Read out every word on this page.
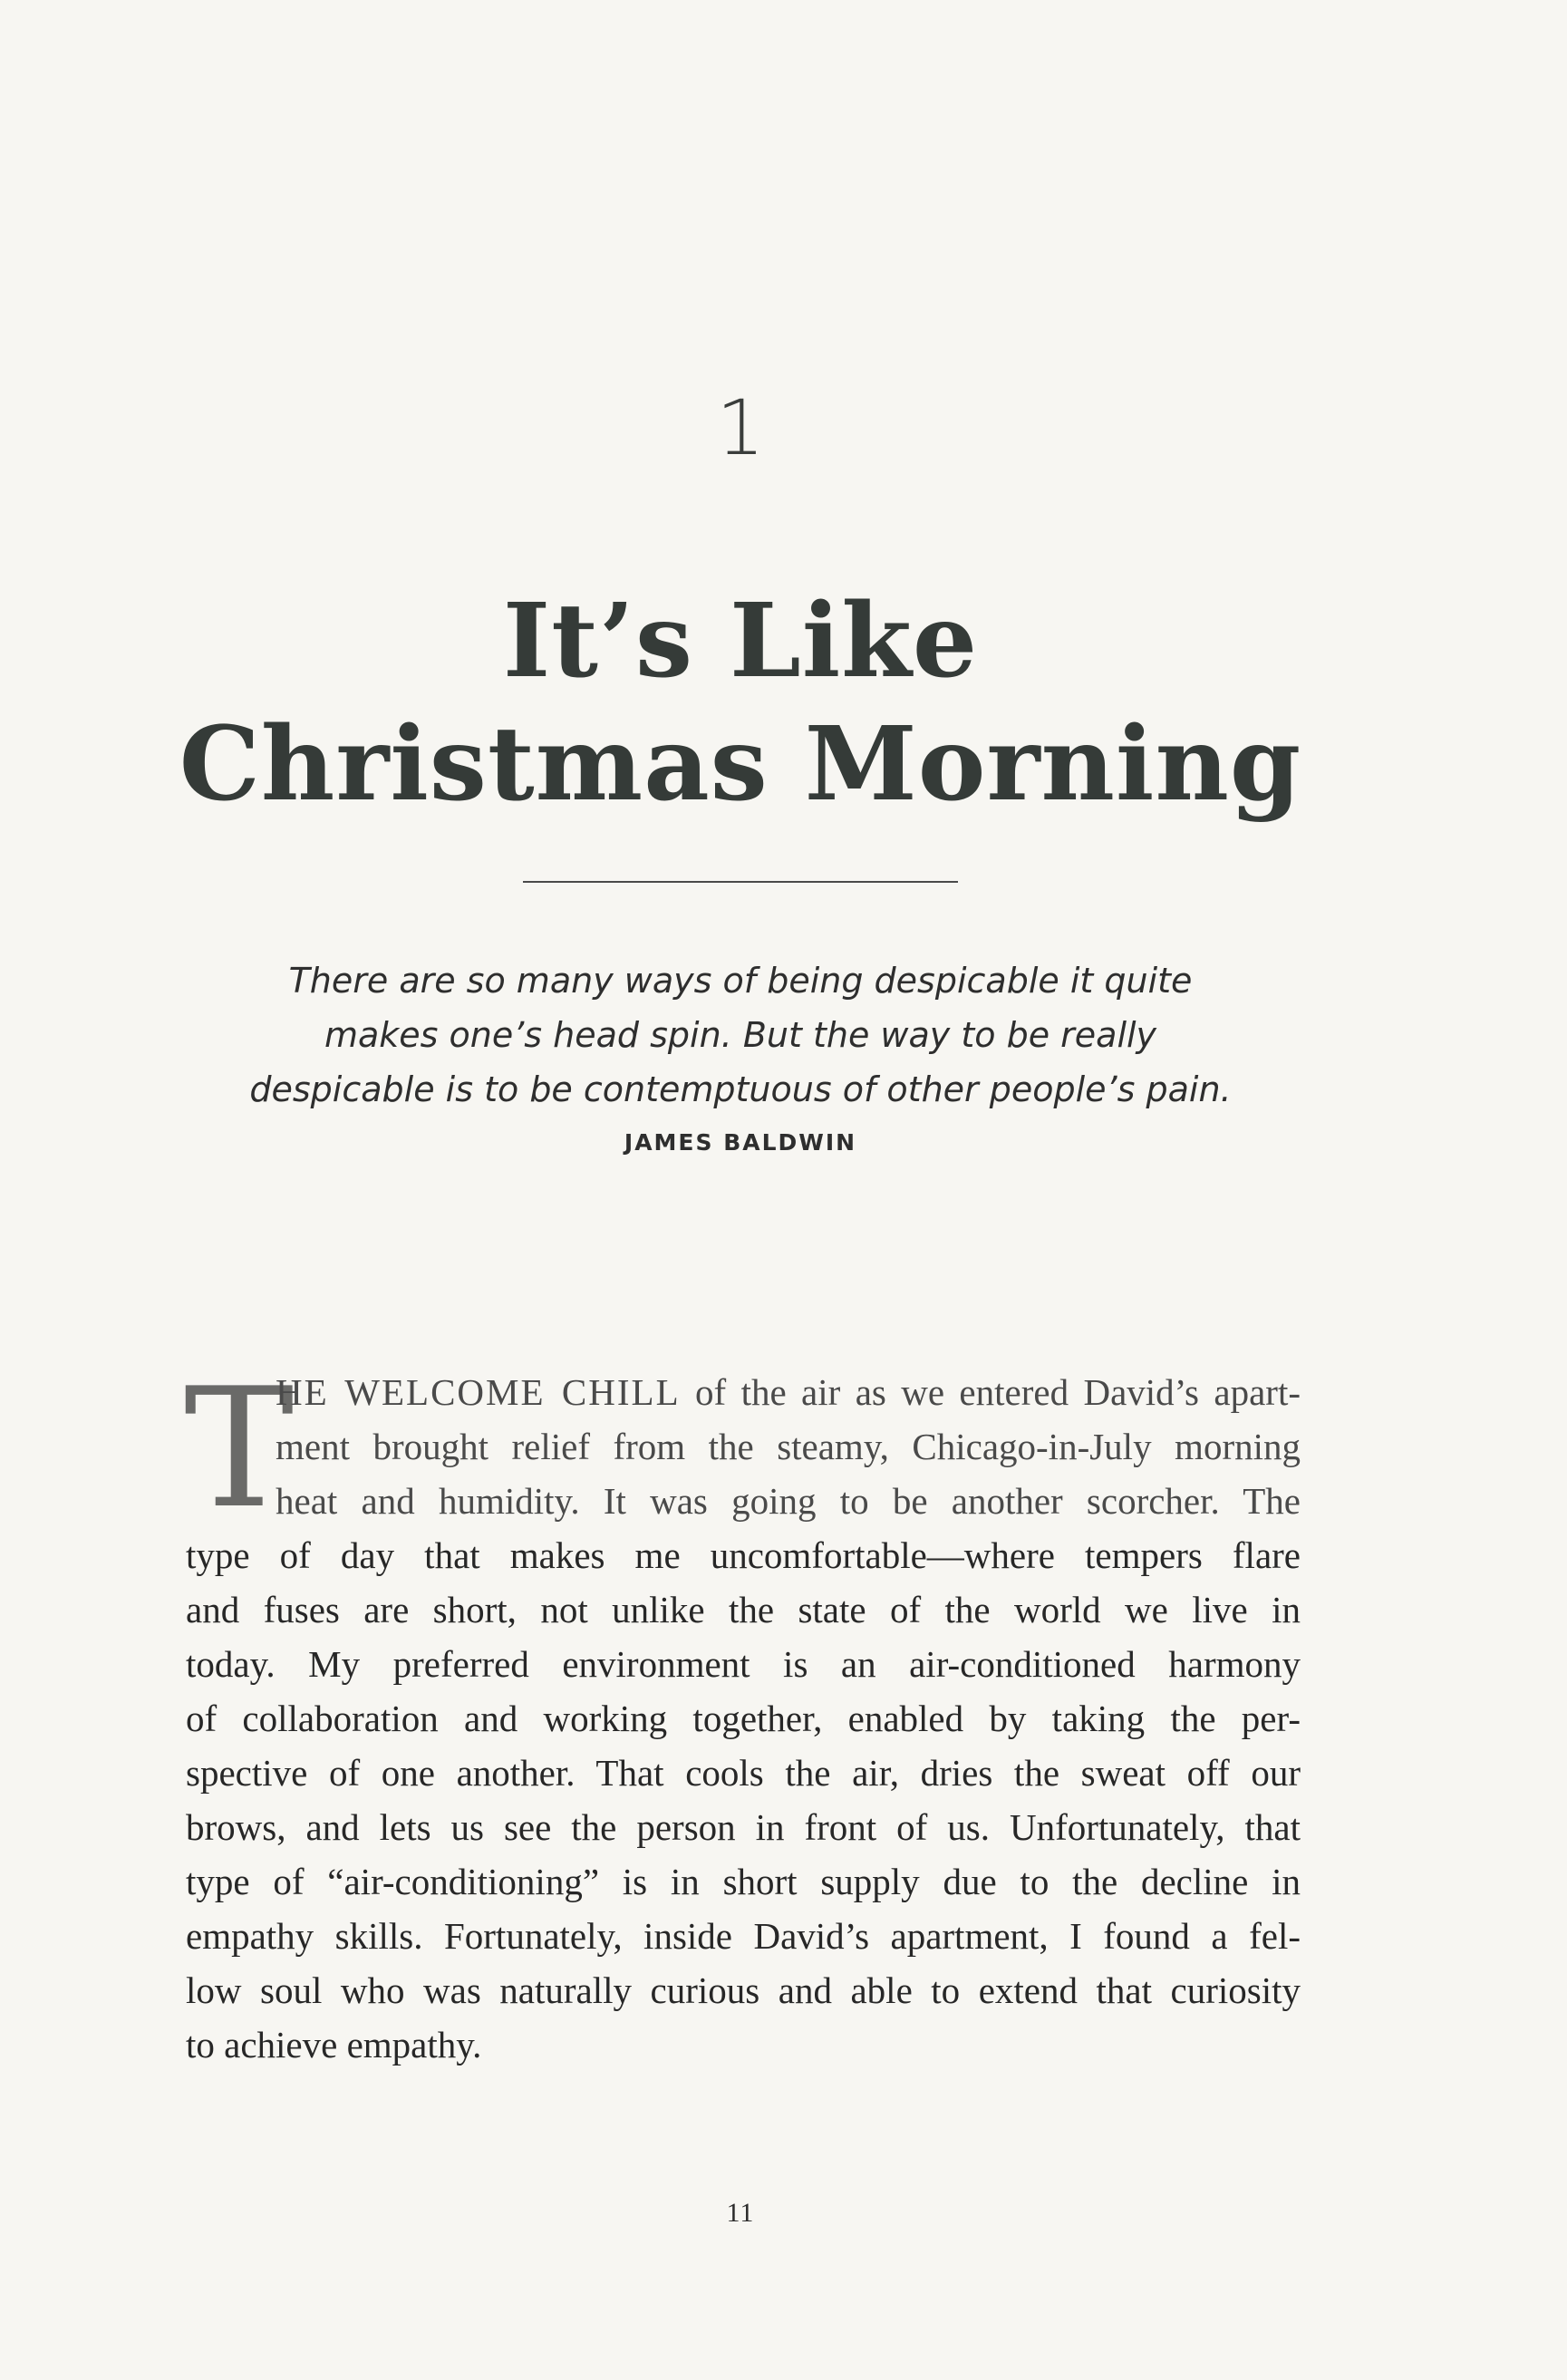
1
It’s Like
Christmas Morning
There are so many ways of being despicable it quite
makes one’s head spin. But the way to be really
despicable is to be contemptuous of other people’s pain.
JAMES BALDWIN
T
HE WELCOME CHILL of the air as we entered David’s apart-
ment brought relief from the steamy, Chicago-in-July morning
heat and humidity. It was going to be another scorcher. The
type of day that makes me uncomfortable—where tempers flare
and fuses are short, not unlike the state of the world we live in
today. My preferred environment is an air-conditioned harmony
of collaboration and working together, enabled by taking the per-
spective of one another. That cools the air, dries the sweat off our
brows, and lets us see the person in front of us. Unfortunately, that
type of “air-conditioning” is in short supply due to the decline in
empathy skills. Fortunately, inside David’s apartment, I found a fel-
low soul who was naturally curious and able to extend that curiosity
to achieve empathy.
11
